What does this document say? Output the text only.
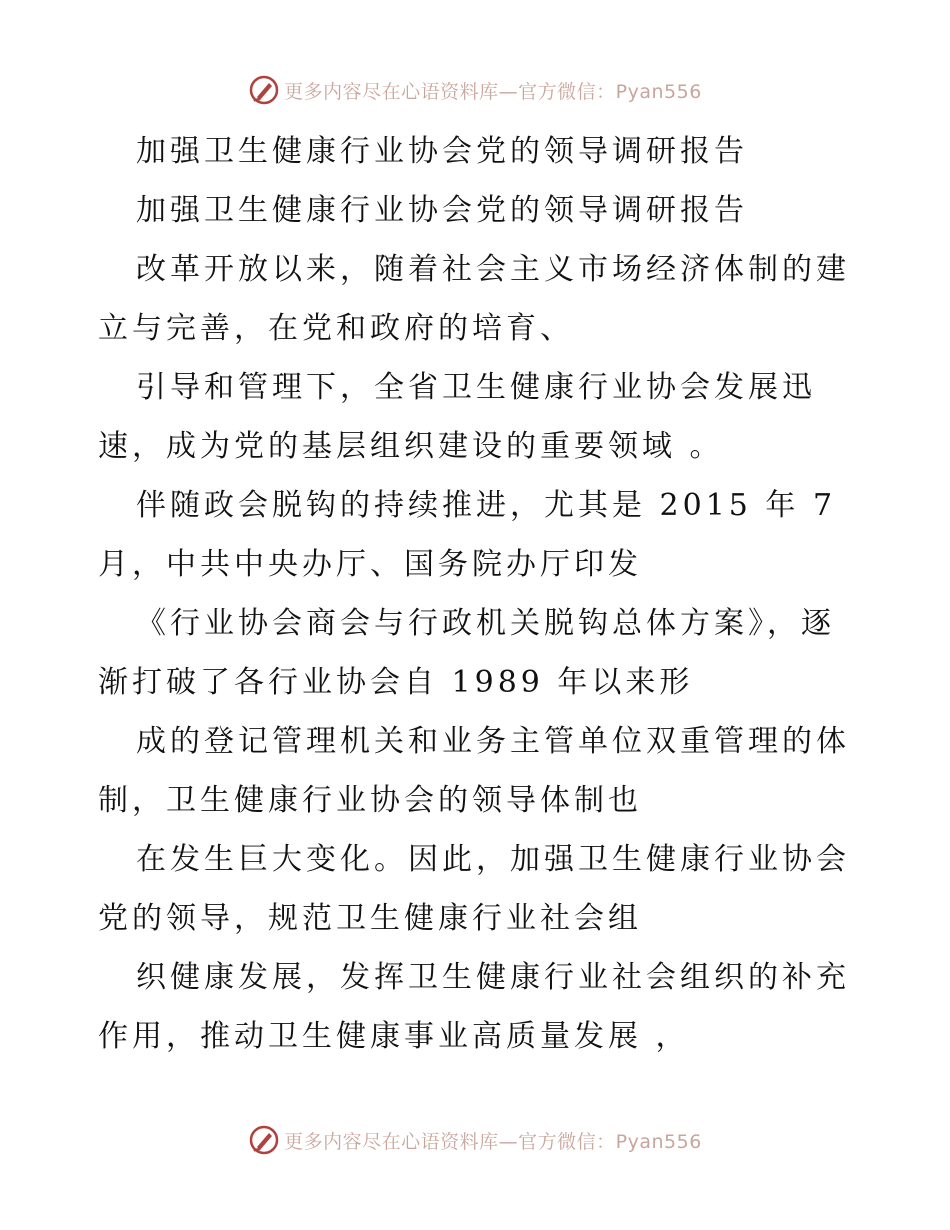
更多内容尽在心语资料库—官方微信：Pyan556
加强卫生健康行业协会党的领导调研报告
加强卫生健康行业协会党的领导调研报告
改革开放以来，随着社会主义市场经济体制的建
立与完善，在党和政府的培育、
引导和管理下，全省卫生健康行业协会发展迅
速，成为党的基层组织建设的重要领域 。
伴随政会脱钩的持续推进，尤其是 2015 年 7
月，中共中央办厅、国务院办厅印发
《行业协会商会与行政机关脱钩总体方案》，逐
渐打破了各行业协会自 1989 年以来形
成的登记管理机关和业务主管单位双重管理的体
制，卫生健康行业协会的领导体制也
在发生巨大变化。因此，加强卫生健康行业协会
党的领导，规范卫生健康行业社会组
织健康发展，发挥卫生健康行业社会组织的补充
作用，推动卫生健康事业高质量发展 ，
更多内容尽在心语资料库—官方微信：Pyan556
